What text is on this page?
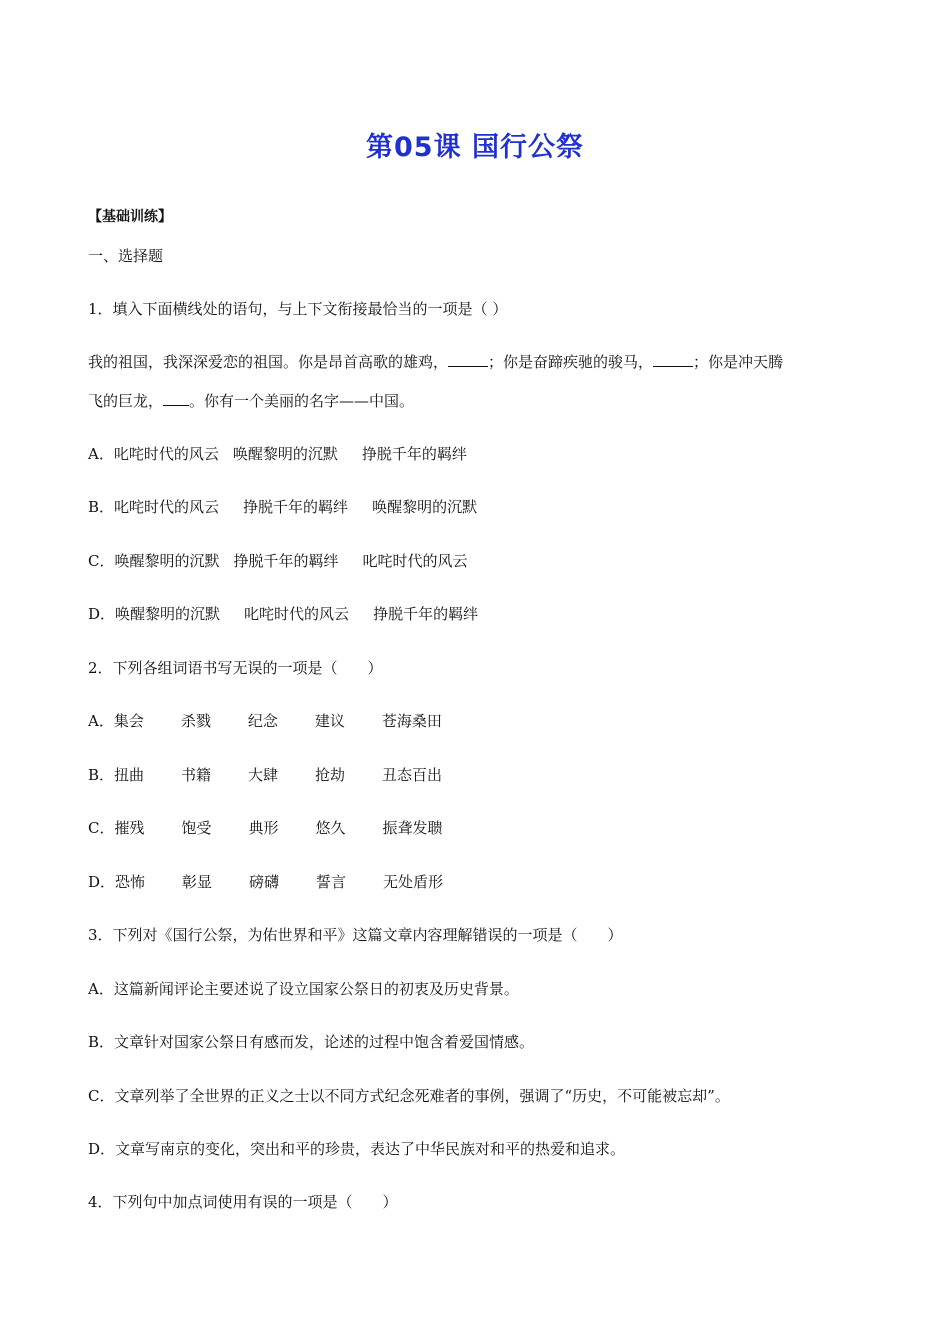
第05课 国行公祭
【基础训练】
一、选择题
1．填入下面横线处的语句，与上下文衔接最恰当的一项是（ ）
我的祖国，我深深爱恋的祖国。你是昂首高歌的雄鸡，	；你是奋蹄疾驰的骏马，	；你是冲天腾
飞的巨龙， 。你有一个美丽的名字——中国。
A．叱咤时代的风云 唤醒黎明的沉默 挣脱千年的羁绊
B．叱咤时代的风云 挣脱千年的羁绊 唤醒黎明的沉默
C．唤醒黎明的沉默 挣脱千年的羁绊 叱咤时代的风云
D．唤醒黎明的沉默 叱咤时代的风云 挣脱千年的羁绊
2．下列各组词语书写无误的一项是（　　）
A．集会 杀戮 纪念 建议 苍海桑田
B．扭曲 书籍 大肆 抢劫 丑态百出
C．摧残 饱受 典形 悠久 振聋发聩
D．恐怖 彰显 磅礴 誓言 无处盾形
3．下列对《国行公祭，为佑世界和平》这篇文章内容理解错误的一项是（　　）
A．这篇新闻评论主要述说了设立国家公祭日的初衷及历史背景。
B．文章针对国家公祭日有感而发，论述的过程中饱含着爱国情感。
C．文章列举了全世界的正义之士以不同方式纪念死难者的事例，强调了“历史，不可能被忘却”。
D．文章写南京的变化，突出和平的珍贵，表达了中华民族对和平的热爱和追求。
4．下列句中加点词使用有误的一项是（　　）
